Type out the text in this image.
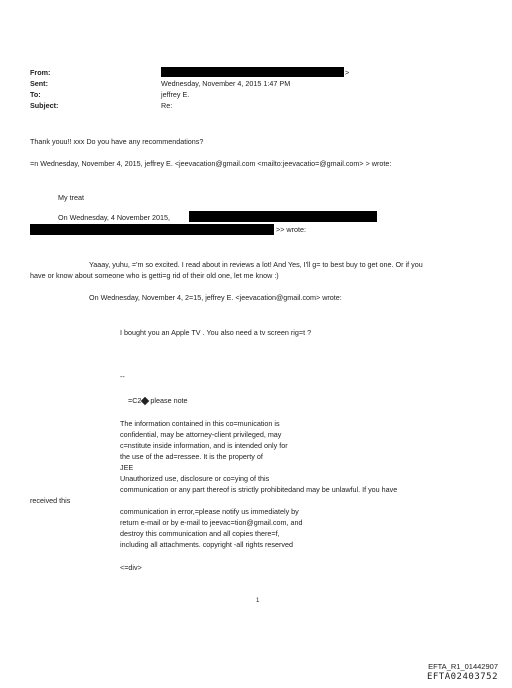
From:
Sent:
To:
Subject:
>
Wednesday, November 4, 2015 1:47 PM
jeffrey E.
Re:
Thank youu!! xxx Do you have any recommendations?
=n Wednesday, November 4, 2015, jeffrey E. <jeevacation@gmail.com <mailto:jeevacatio=@gmail.com> > wrote:
My treat
On Wednesday, 4 November 2015,
>> wrote:
Yaaay, yuhu, ='m so excited. I read about in reviews a lot! And Yes, I'll g= to best buy to get one. Or if you
have or know about someone who is getti=g rid of their old one, let me know :)
On Wednesday, November 4, 2=15, jeffrey E. <jeevacation@gmail.com> wrote:
I bought you an Apple TV . You also need a tv screen rig=t ?
--
=C2 please note
The information contained in this co=munication is
confidential, may be attorney-client privileged, may
c=nstitute inside information, and is intended only for
the use of the ad=ressee. It is the property of
JEE
Unauthorized use, disclosure or co=ying of this
communication or any part thereof is strictly prohibitedand may be unlawful. If you have
received this
communication in error,=please notify us immediately by
return e-mail or by e-mail to jeevac=tion@gmail.com, and
destroy this communication and all copies there=f,
including all attachments. copyright -all rights reserved
<=div>
1
EFTA_R1_01442907
EFTA02403752
